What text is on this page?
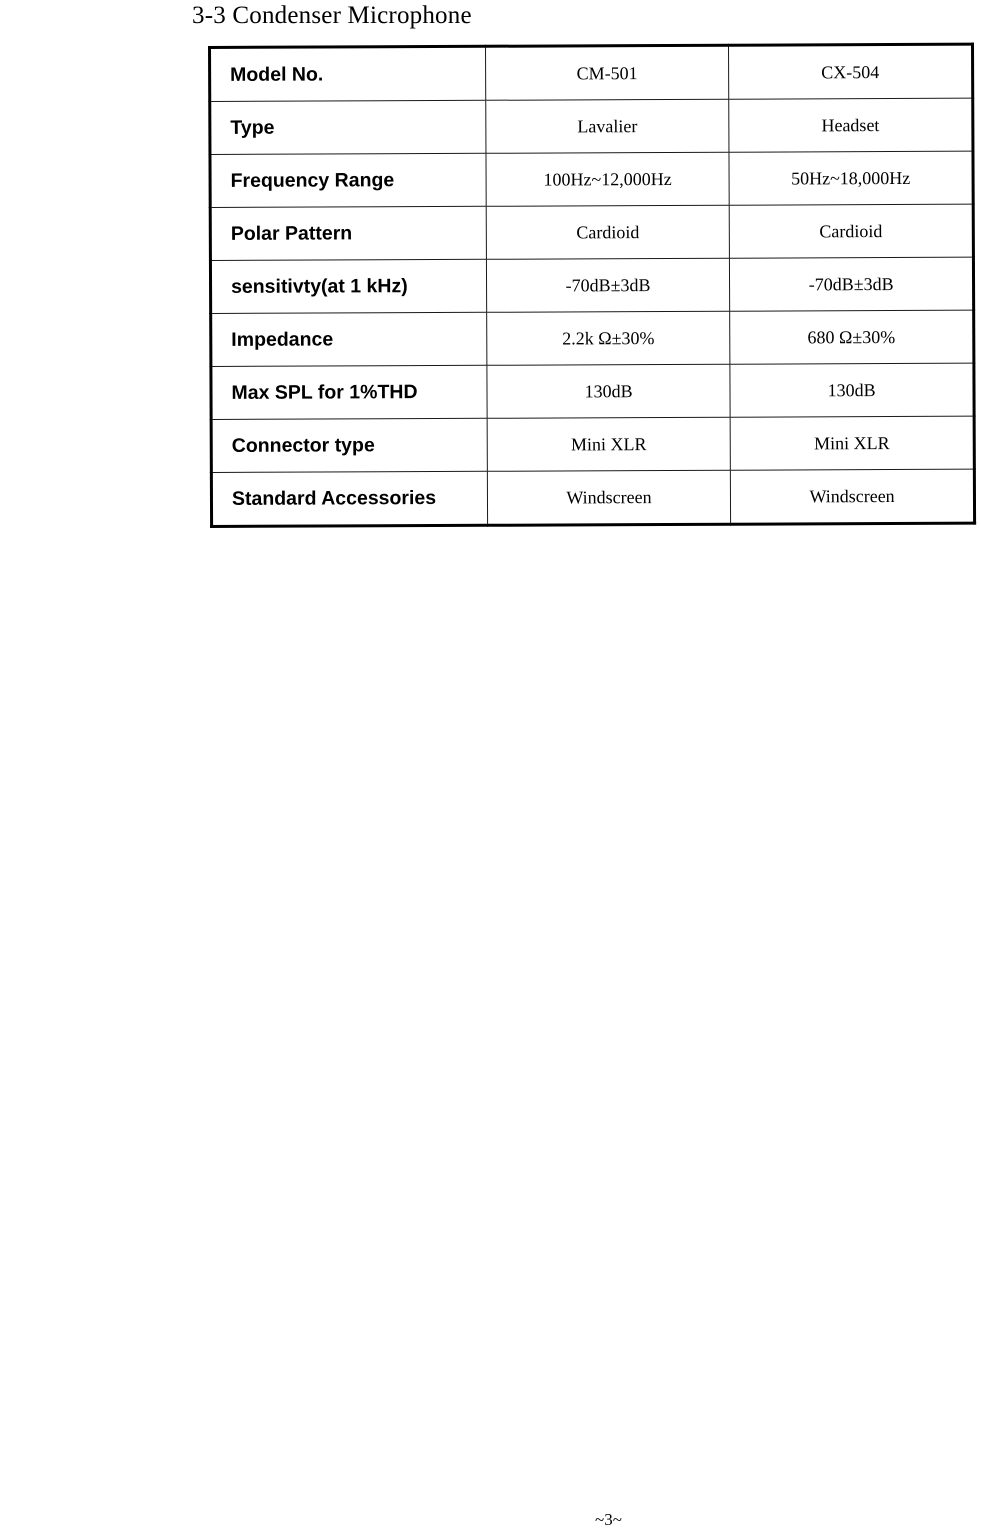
3-3 Condenser Microphone
Model No.	CM-501	CX-504
Type	Lavalier	Headset
Frequency Range	100Hz~12,000Hz	50Hz~18,000Hz
Polar Pattern	Cardioid	Cardioid
sensitivty(at 1 kHz)	-70dB±3dB	-70dB±3dB
Impedance	2.2k Ω±30%	680 Ω±30%
Max SPL for 1%THD	130dB	130dB
Connector type	Mini XLR	Mini XLR
Standard Accessories	Windscreen	Windscreen
~3~
